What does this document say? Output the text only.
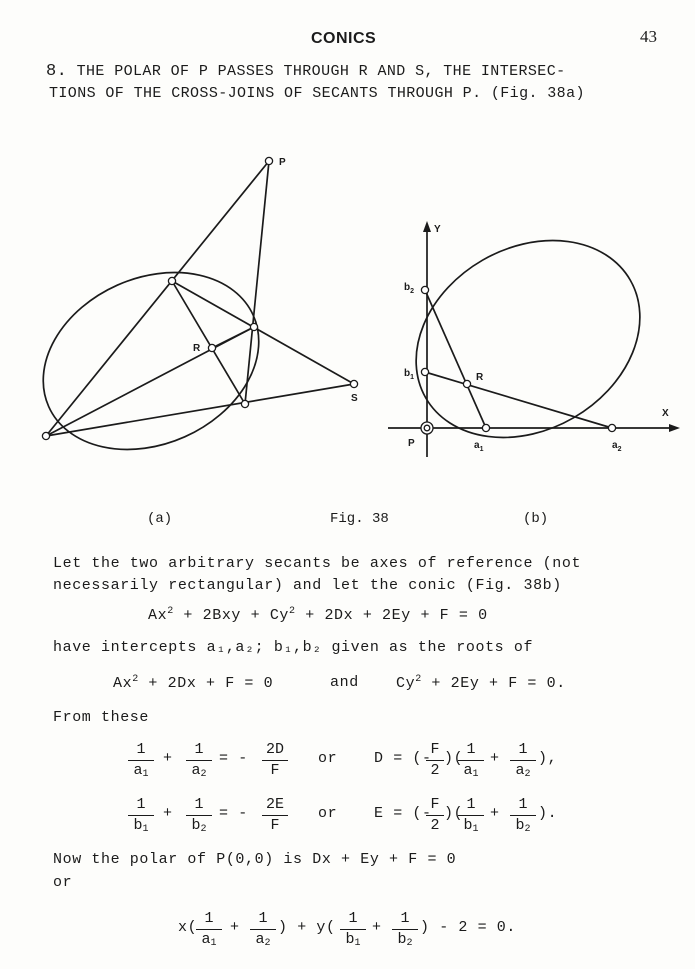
CONICS	43
8. THE POLAR OF P PASSES THROUGH R AND S, THE INTERSEC-
TIONS OF THE CROSS-JOINS OF SECANTS THROUGH P. (Fig. 38a)
P
R
S
Y
X
P
R
$b_2$
$b_1$
$a_1$	$a_2$
(a)	Fig. 38	(b)
Let the two arbitrary secants be axes of reference (not
necessarily rectangular) and let the conic (Fig. 38b)
$Ax^2 + 2Bxy + Cy^2 + 2Dx + 2Ey + F = 0$
have intercepts a₁,a₂; b₁,b₂ given as the roots of
$Ax^2 + 2Dx + F = 0$	and $Cy^2 + 2Ey + F = 0$.
From these
$\frac{1}{a_1} + \frac{1}{a_2}$ = - $\frac{2D}{F}$ or D = (-
$\frac{F}{2}$ )(
$\frac{1}{a_1} + \frac{1}{a_2}$ ),
$\frac{1}{b_1} + \frac{1}{b_2}$ = - $\frac{2E}{F}$ or E = (-
$\frac{F}{2}$ )(
$\frac{1}{b_1} + \frac{1}{b_2}$ ).
Now the polar of P(0,0) is Dx + Ey + F = 0
or
x(
$\frac{1}{a_1} + \frac{1}{a_2}$ ) + $y( \frac{1}{b_1} + \frac{1}{b_2}$ ) - 2 = 0.
